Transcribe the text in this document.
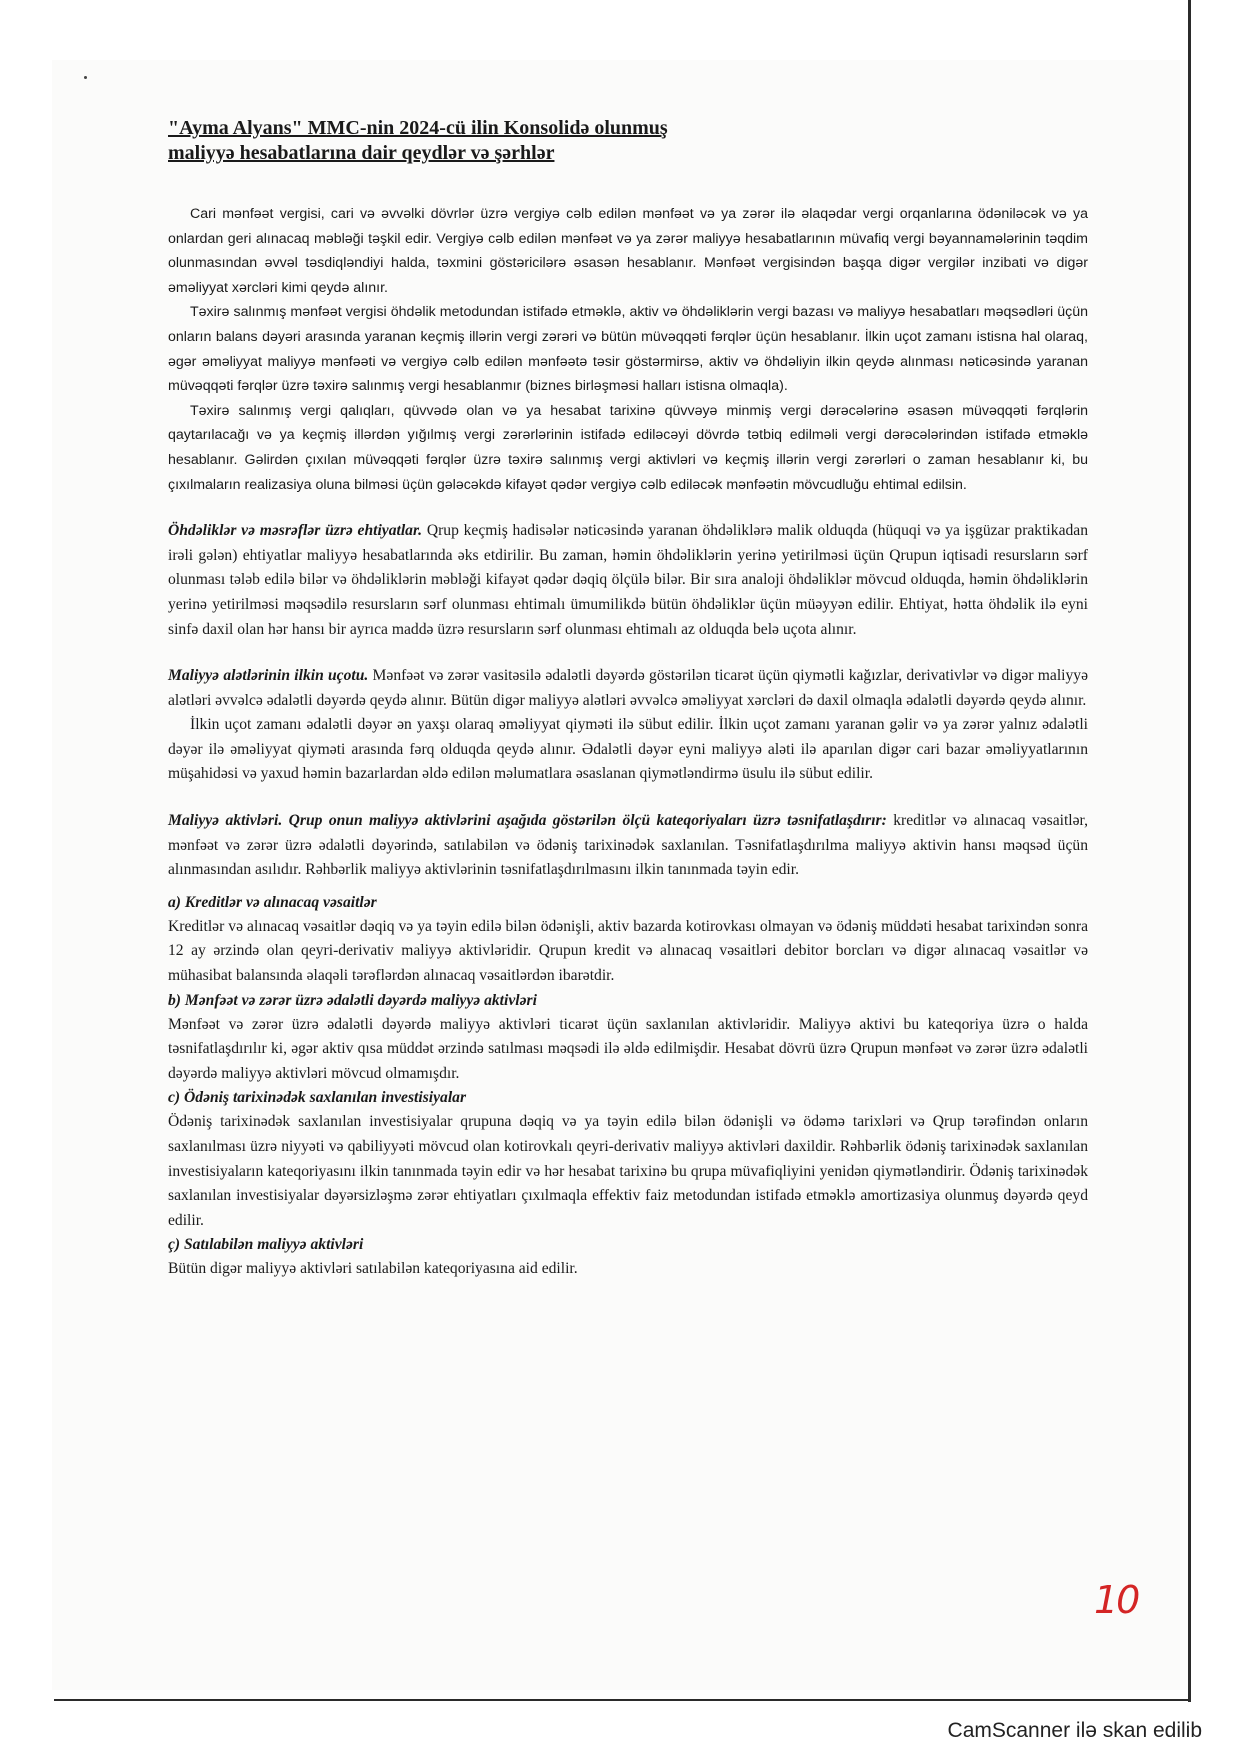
"Ayma Alyans" MMC-nin 2024-cü ilin Konsolidə olunmuş
maliyyə hesabatlarına dair qeydlər və şərhlər

Cari mənfəət vergisi, cari və əvvəlki dövrlər üzrə vergiyə cəlb edilən mənfəət və ya zərər ilə əlaqədar vergi orqanlarına ödəniləcək və ya onlardan geri alınacaq məbləği təşkil edir. Vergiyə cəlb edilən mənfəət və ya zərər maliyyə hesabatlarının müvafiq vergi bəyannamələrinin təqdim olunmasından əvvəl təsdiqləndiyi halda, təxmini göstəricilərə əsasən hesablanır. Mənfəət vergisindən başqa digər vergilər inzibati və digər əməliyyat xərcləri kimi qeydə alınır.

Təxirə salınmış mənfəət vergisi öhdəlik metodundan istifadə etməklə, aktiv və öhdəliklərin vergi bazası və maliyyə hesabatları məqsədləri üçün onların balans dəyəri arasında yaranan keçmiş illərin vergi zərəri və bütün müvəqqəti fərqlər üçün hesablanır. İlkin uçot zamanı istisna hal olaraq, əgər əməliyyat maliyyə mənfəəti və vergiyə cəlb edilən mənfəətə təsir göstərmirsə, aktiv və öhdəliyin ilkin qeydə alınması nəticəsində yaranan müvəqqəti fərqlər üzrə təxirə salınmış vergi hesablanmır (biznes birləşməsi halları istisna olmaqla).

Təxirə salınmış vergi qalıqları, qüvvədə olan və ya hesabat tarixinə qüvvəyə minmiş vergi dərəcələrinə əsasən müvəqqəti fərqlərin qaytarılacağı və ya keçmiş illərdən yığılmış vergi zərərlərinin istifadə ediləcəyi dövrdə tətbiq edilməli vergi dərəcələrindən istifadə etməklə hesablanır. Gəlirdən çıxılan müvəqqəti fərqlər üzrə təxirə salınmış vergi aktivləri və keçmiş illərin vergi zərərləri o zaman hesablanır ki, bu çıxılmaların realizasiya oluna bilməsi üçün gələcəkdə kifayət qədər vergiyə cəlb ediləcək mənfəətin mövcudluğu ehtimal edilsin.

Öhdəliklər və məsrəflər üzrə ehtiyatlar. Qrup keçmiş hadisələr nəticəsində yaranan öhdəliklərə malik olduqda (hüquqi və ya işgüzar praktikadan irəli gələn) ehtiyatlar maliyyə hesabatlarında əks etdirilir. Bu zaman, həmin öhdəliklərin yerinə yetirilməsi üçün Qrupun iqtisadi resursların sərf olunması tələb edilə bilər və öhdəliklərin məbləği kifayət qədər dəqiq ölçülə bilər. Bir sıra analoji öhdəliklər mövcud olduqda, həmin öhdəliklərin yerinə yetirilməsi məqsədilə resursların sərf olunması ehtimalı ümumilikdə bütün öhdəliklər üçün müəyyən edilir. Ehtiyat, hətta öhdəlik ilə eyni sinfə daxil olan hər hansı bir ayrıca maddə üzrə resursların sərf olunması ehtimalı az olduqda belə uçota alınır.

Maliyyə alətlərinin ilkin uçotu. Mənfəət və zərər vasitəsilə ədalətli dəyərdə göstərilən ticarət üçün qiymətli kağızlar, derivativlər və digər maliyyə alətləri əvvəlcə ədalətli dəyərdə qeydə alınır. Bütün digər maliyyə alətləri əvvəlcə əməliyyat xərcləri də daxil olmaqla ədalətli dəyərdə qeydə alınır.

İlkin uçot zamanı ədalətli dəyər ən yaxşı olaraq əməliyyat qiyməti ilə sübut edilir. İlkin uçot zamanı yaranan gəlir və ya zərər yalnız ədalətli dəyər ilə əməliyyat qiyməti arasında fərq olduqda qeydə alınır. Ədalətli dəyər eyni maliyyə aləti ilə aparılan digər cari bazar əməliyyatlarının müşahidəsi və yaxud həmin bazarlardan əldə edilən məlumatlara əsaslanan qiymətləndirmə üsulu ilə sübut edilir.

Maliyyə aktivləri. Qrup onun maliyyə aktivlərini aşağıda göstərilən ölçü kateqoriyaları üzrə təsnifatlaşdırır: kreditlər və alınacaq vəsaitlər, mənfəət və zərər üzrə ədalətli dəyərində, satılabilən və ödəniş tarixinədək saxlanılan. Təsnifatlaşdırılma maliyyə aktivin hansı məqsəd üçün alınmasından asılıdır. Rəhbərlik maliyyə aktivlərinin təsnifatlaşdırılmasını ilkin tanınmada təyin edir.

a) Kreditlər və alınacaq vəsaitlər

Kreditlər və alınacaq vəsaitlər dəqiq və ya təyin edilə bilən ödənişli, aktiv bazarda kotirovkası olmayan və ödəniş müddəti hesabat tarixindən sonra 12 ay ərzində olan qeyri-derivativ maliyyə aktivləridir. Qrupun kredit və alınacaq vəsaitləri debitor borcları və digər alınacaq vəsaitlər və mühasibat balansında əlaqəli tərəflərdən alınacaq vəsaitlərdən ibarətdir.

b) Mənfəət və zərər üzrə ədalətli dəyərdə maliyyə aktivləri

Mənfəət və zərər üzrə ədalətli dəyərdə maliyyə aktivləri ticarət üçün saxlanılan aktivləridir. Maliyyə aktivi bu kateqoriya üzrə o halda təsnifatlaşdırılır ki, əgər aktiv qısa müddət ərzində satılması məqsədi ilə əldə edilmişdir. Hesabat dövrü üzrə Qrupun mənfəət və zərər üzrə ədalətli dəyərdə maliyyə aktivləri mövcud olmamışdır.

c) Ödəniş tarixinədək saxlanılan investisiyalar

Ödəniş tarixinədək saxlanılan investisiyalar qrupuna dəqiq və ya təyin edilə bilən ödənişli və ödəmə tarixləri və Qrup tərəfindən onların saxlanılması üzrə niyyəti və qabiliyyəti mövcud olan kotirovkalı qeyri-derivativ maliyyə aktivləri daxildir. Rəhbərlik ödəniş tarixinədək saxlanılan investisiyaların kateqoriyasını ilkin tanınmada təyin edir və hər hesabat tarixinə bu qrupa müvafiqliyini yenidən qiymətləndirir. Ödəniş tarixinədək saxlanılan investisiyalar dəyərsizləşmə zərər ehtiyatları çıxılmaqla effektiv faiz metodundan istifadə etməklə amortizasiya olunmuş dəyərdə qeyd edilir.

ç) Satılabilən maliyyə aktivləri

Bütün digər maliyyə aktivləri satılabilən kateqoriyasına aid edilir.

10
CamScanner ilə skan edilib
